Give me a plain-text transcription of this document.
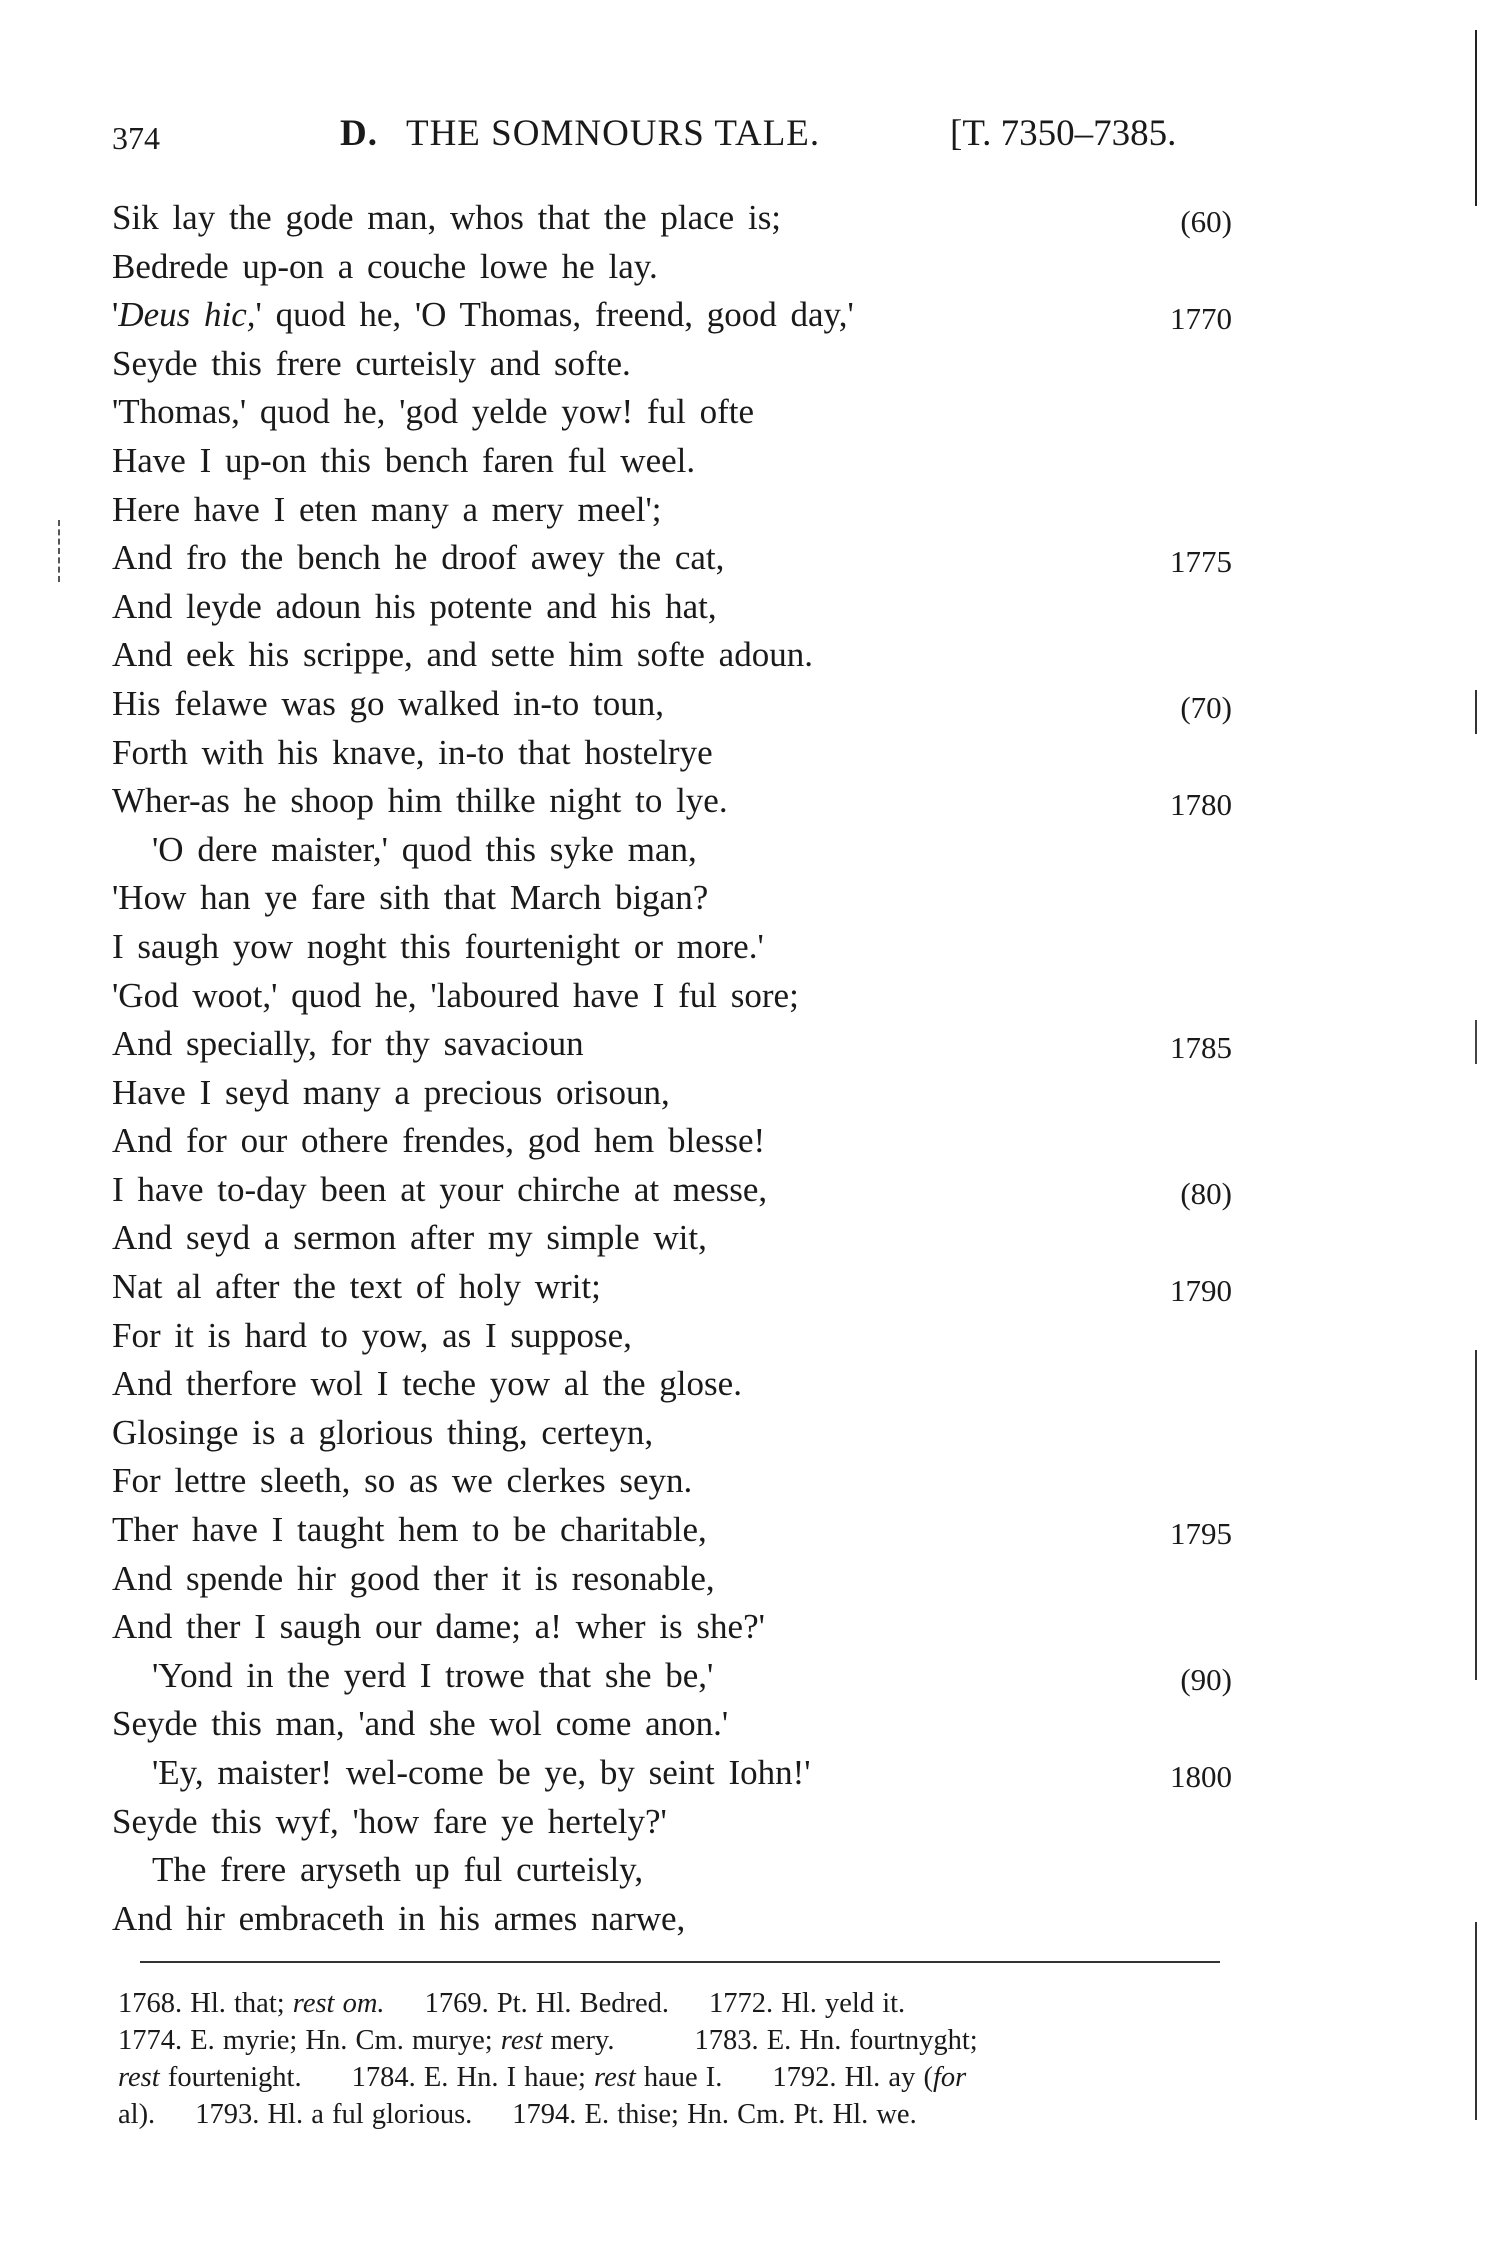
374	D. THE SOMNOURS TALE.	[T. 7350–7385.
Sik lay the gode man, whos that the place is;	(60)
Bedrede up-on a couche lowe he lay.
'Deus hic,' quod he, 'O Thomas, freend, good day,'	1770
Seyde this frere curteisly and softe.
'Thomas,' quod he, 'god yelde yow! ful ofte
Have I up-on this bench faren ful weel.
Here have I eten many a mery meel';
And fro the bench he droof awey the cat,	1775
And leyde adoun his potente and his hat,
And eek his scrippe, and sette him softe adoun.
His felawe was go walked in-to toun,	(70)
Forth with his knave, in-to that hostelrye
Wher-as he shoop him thilke night to lye.	1780
'O dere maister,' quod this syke man,
'How han ye fare sith that March bigan?
I saugh yow noght this fourtenight or more.'
'God woot,' quod he, 'laboured have I ful sore;
And specially, for thy savacioun	1785
Have I seyd many a precious orisoun,
And for our othere frendes, god hem blesse!
I have to-day been at your chirche at messe,	(80)
And seyd a sermon after my simple wit,
Nat al after the text of holy writ;	1790
For it is hard to yow, as I suppose,
And therfore wol I teche yow al the glose.
Glosinge is a glorious thing, certeyn,
For lettre sleeth, so as we clerkes seyn.
Ther have I taught hem to be charitable,	1795
And spende hir good ther it is resonable,
And ther I saugh our dame; a! wher is she?'
'Yond in the yerd I trowe that she be,'	(90)
Seyde this man, 'and she wol come anon.'
'Ey, maister! wel-come be ye, by seint Iohn!'	1800
Seyde this wyf, 'how fare ye hertely?'
The frere aryseth up ful curteisly,
And hir embraceth in his armes narwe,
1768. Hl. that; rest om. 1769. Pt. Hl. Bedred. 1772. Hl. yeld it.
1774. E. myrie; Hn. Cm. murye; rest mery.	1783. E. Hn. fourtnyght;
rest fourtenight. 1784. E. Hn. I haue; rest haue I. 1792. Hl. ay (for
al). 1793. Hl. a ful glorious. 1794. E. thise; Hn. Cm. Pt. Hl. we.
